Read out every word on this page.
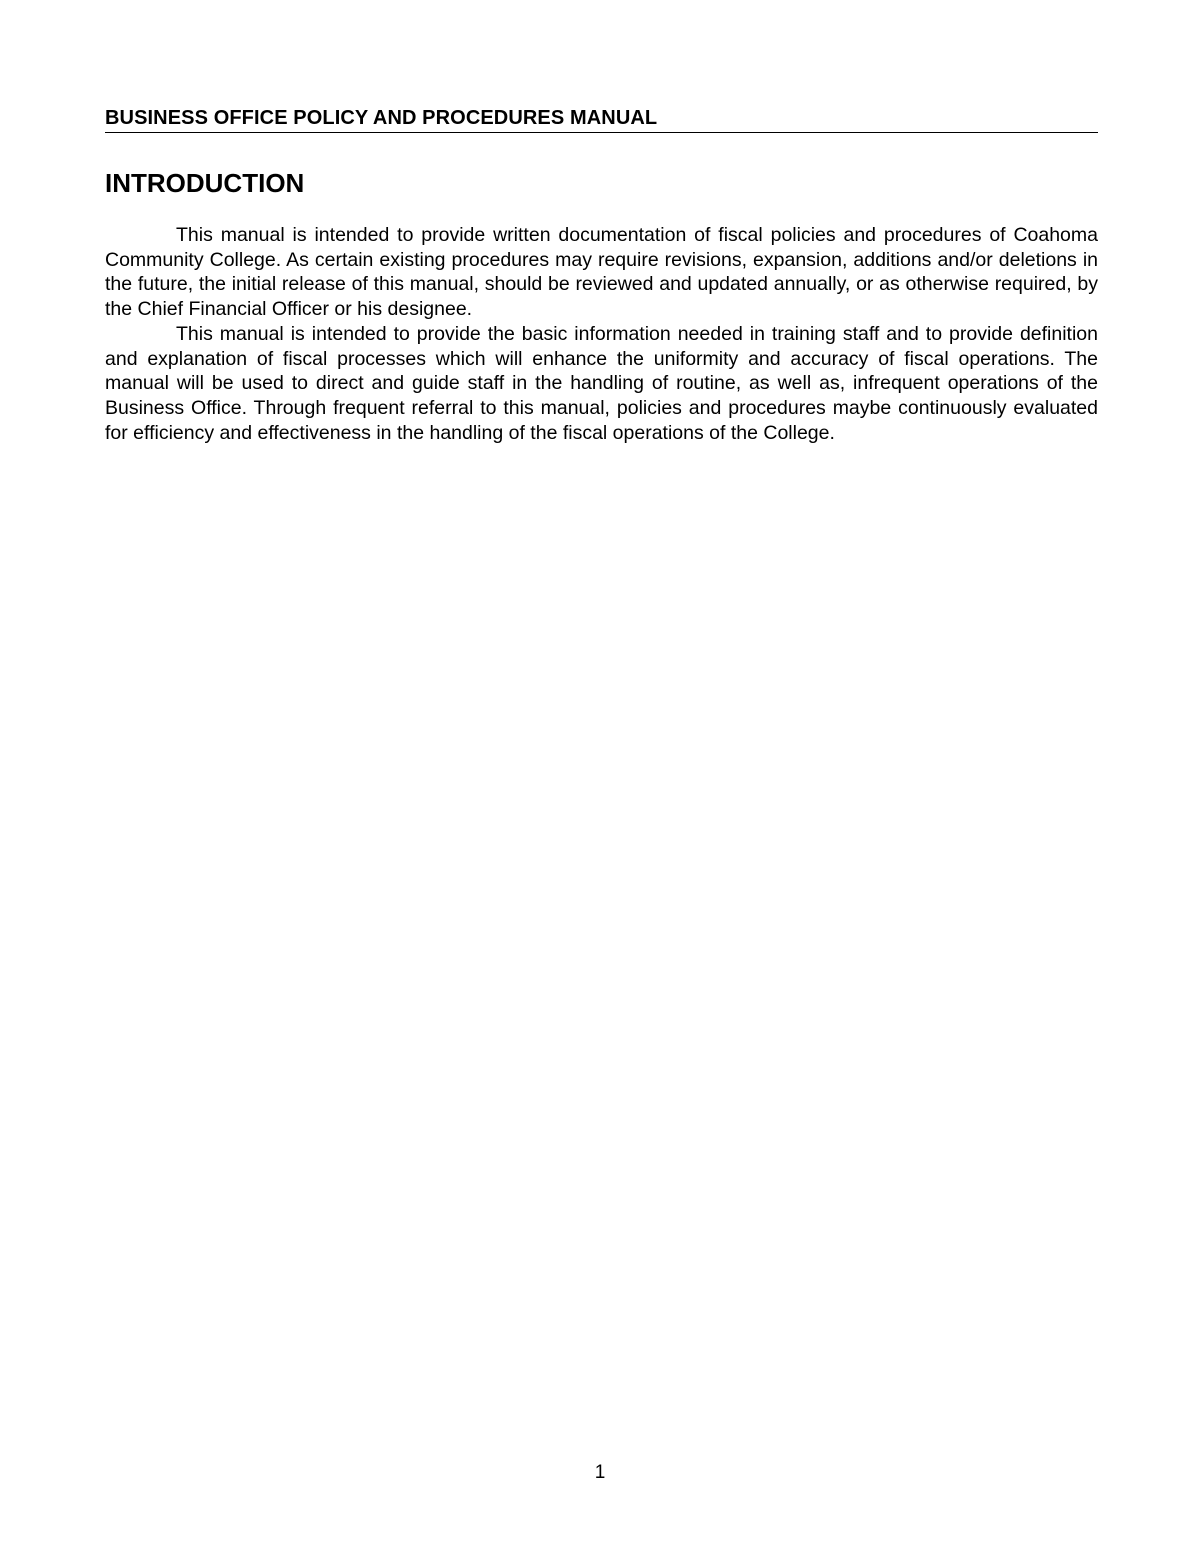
BUSINESS OFFICE POLICY AND PROCEDURES MANUAL
INTRODUCTION

This manual is intended to provide written documentation of fiscal policies and procedures of Coahoma Community College. As certain existing procedures may require revisions, expansion, additions and/or deletions in the future, the initial release of this manual, should be reviewed and updated annually, or as otherwise required, by the Chief Financial Officer or his designee.

This manual is intended to provide the basic information needed in training staff and to provide definition and explanation of fiscal processes which will enhance the uniformity and accuracy of fiscal operations. The manual will be used to direct and guide staff in the handling of routine, as well as, infrequent operations of the Business Office. Through frequent referral to this manual, policies and procedures maybe continuously evaluated for efficiency and effectiveness in the handling of the fiscal operations of the College.

1
